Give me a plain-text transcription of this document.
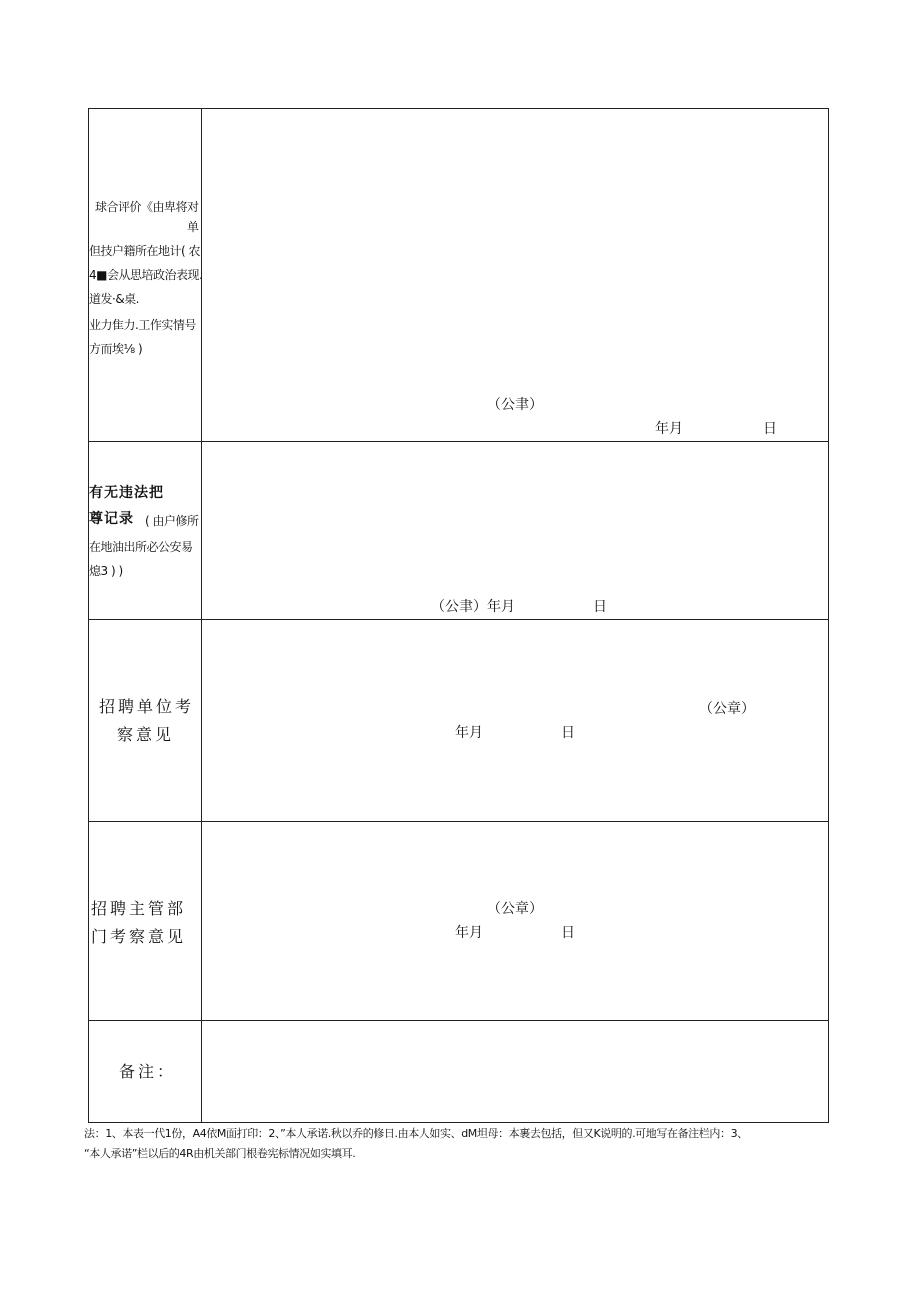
球合评价《由卑将对
单
但技户籍所在地计( 农
4■会从思培政治表现.
道发·&桌.
业力隹力.工作实情号
方而埃⅛ )
（公聿）
年月	日
有无违法把
尊记录 ( 由户修所
在地油出所必公安易
熄3 ) )
（公聿）年月	日
招聘单位考
察意见
（公章）
年月	日
招聘主管部
门考察意见
（公章）
年月	日
备注：
法：1、本表一代1份，A4依M面打印：2、”本人承诺.秋以乔的修日.由本人如实、dM坦母：本裹去包括，但又K说明的.可地写在备注栏内：3、
“本人承诺”栏以后的4R由机关部门根卷宪标情况如实填耳.
